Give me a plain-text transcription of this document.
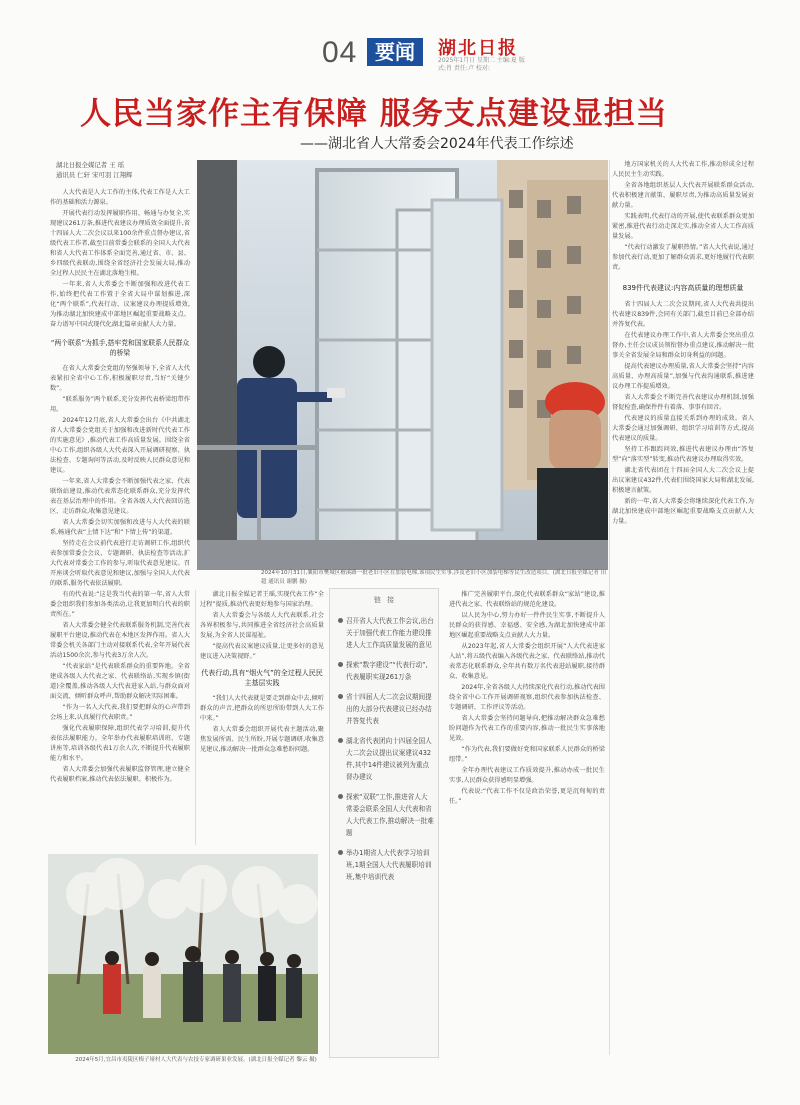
04 要闻	湖北日报
2025年1月日 星期二 主编:夏 版式:肖 责任:卢 校对:
人民当家作主有保障 服务支点建设显担当
——湖北省人大常委会2024年代表工作综述
湖北日报全媒记者 王 瑶
通讯员 仁轩 宋可羽 江翔辉

人大代表是人大工作的主体,代表工作是人大工作的基础和活力源泉。

开展代表行动发挥履职作用、畅通与办复全,实现建议261万条,推进代表建议办理质效全面提升,省十四届人大二次会议以来100余件重点督办建议,省级代表工作者,截至目前常委会联系的全国人大代表和省人大代表工作体系全面完善,通过省、市、县、乡四级代表联动,围绕全省经济社会发展大局,推动全过程人民民主在湖北落地生根。

一年来,省人大常委会不断加强和改进代表工作,始终把代表工作置于全省大局中谋划推进,深化“两个联系”,代表行动、议案建议办理提质增效,为推动湖北加快建成中部地区崛起重要战略支点、奋力谱写中国式现代化湖北篇章贡献人大力量。

“两个联系”为抓手,搭牢党和国家联系人民群众的桥梁

在省人大常委会党组的坚强领导下,全省人大代表紧扣全省中心工作,积极履职尽责,当好“关键少数”。

“联系服务”两个联系,充分发挥代表桥梁纽带作用。

2024年12月底,省人大常委会出台《中共湖北省人大常委会党组关于加强和改进新时代代表工作的实施意见》,推动代表工作高质量发展。围绕全省中心工作,组织各级人大代表深入开展调研视察、执法检查、专题询问等活动,及时反映人民群众意见和建议。

一年来,省人大常委会不断加强代表之家、代表联络站建设,推动代表常态化联系群众,充分发挥代表在基层治理中的作用。全省各级人大代表回访选区、走访群众,收集意见建议。

省人大常委会切实加强和改进与人大代表的联系,畅通代表“上情下达”和“下情上传”的渠道。

坚持走在会议前代表进行走访调研工作,组织代表参加常委会会议、专题调研、执法检查等活动,扩大代表对常委会工作的参与,听取代表意见建议。召开座谈会听取代表意见和建议,加强与全国人大代表的联系,服务代表依法履职。

2024年10月31日,襄阳市樊城区檀溪路一批老旧小区在加装电梯,该项民生实事,涉及老旧小区加装电梯等民生改造项目。(湖北日报全媒记者 田超 通讯员 谢鹏 摄)

地方国家机关的人大代表工作,推动形成全过程人民民主生动实践。

全省各地组织基层人大代表开展联系群众活动,代表积极建言献策、履职尽责,为推动高质量发展贡献力量。

实践表明,代表行动的开展,使代表联系群众更加紧密,推进代表行动走深走实,推动全省人大工作高质量发展。

“代表行动激发了履职热情。”省人大代表说,通过参加代表行动,更加了解群众需求,更好地履行代表职责。

839件代表建议:内容高质量的理想质量

省十四届人大二次会议期间,省人大代表共提出代表建议839件,会同有关部门,截至目前已全部办结并答复代表。

在代表建议办理工作中,省人大常委会突出重点督办,主任会议成员领衔督办重点建议,推动解决一批事关全省发展全局和群众切身利益的问题。

提高代表建议办理质量,省人大常委会坚持“内容高质量、办理高质量”,加强与代表沟通联系,推进建议办理工作提质增效。

省人大常委会不断完善代表建议办理机制,加强督促检查,确保件件有着落、事事有回音。

代表建议的质量直接关系到办理的成效。省人大常委会通过加强调研、组织学习培训等方式,提高代表建议的质量。

坚持工作跟踪问效,推进代表建议办理由“答复型”向“落实型”转变,推动代表建议办理取得实效。

湖北省代表团在十四届全国人大二次会议上提出议案建议432件,代表们围绕国家大局和湖北发展,积极建言献策。

新的一年,省人大常委会将继续深化代表工作,为湖北加快建成中部地区崛起重要战略支点贡献人大力量。

有的代表说:“这是我当代表的第一年,省人大常委会组织我们参加各类活动,让我更加明白代表的职责所在。”

省人大常委会健全代表联系服务机制,完善代表履职平台建设,推动代表在本地区发挥作用。省人大常委会机关各部门主动对接联系代表,全年开展代表活动1500余次,参与代表3万余人次。

“代表家站”是代表联系群众的重要阵地。全省建成各级人大代表之家、代表联络站,实现乡镇(街道)全覆盖,推动各级人大代表进家入站,与群众面对面交流、倾听群众呼声,帮助群众解决实际困难。

“作为一名人大代表,我们要把群众的心声带到会场上来,认真履行代表职责。”

强化代表履职保障,组织代表学习培训,提升代表依法履职能力。全年举办代表履职培训班、专题讲座等,培训各级代表1万余人次,不断提升代表履职能力和水平。

省人大常委会加强代表履职监督管理,建立健全代表履职档案,推动代表依法履职、积极作为。

湖北日报全媒记者王瑶,实现代表工作“全过程”提质,推动代表更好地参与国家治理。

省人大常委会与各级人大代表联系,社会各界积极参与,共同推进全省经济社会高质量发展,为全省人民谋福祉。

“提高代表议案建议质量,让更多好的意见建议进入决策视野。”

代表行动,具有“烟火气”的全过程人民民主基层实践

“我们人大代表就是要走到群众中去,倾听群众的声音,把群众的所思所盼带到人大工作中来。”

省人大常委会组织开展代表主题活动,聚焦发展所需、民生所盼,开展专题调研,收集意见建议,推动解决一批群众急难愁盼问题。

链 接
召开省人大代表工作会议,出台关于加强代表工作能力建设推进人大工作高质量发展的意见
探索“数字建设”“代表行动”,代表履职实现261万条
省十四届人大二次会议期间提出的大部分代表建议已经办结并答复代表
湖北省代表团向十四届全国人大二次会议提出议案建议432件,其中14件建议被列为重点督办建议
探索“双联”工作,推进省人大常委会联系全国人大代表和省人大代表工作,推动解决一批难题
举办1期省人大代表学习培训班,1期全国人大代表履职培训班,集中培训代表

推广完善履职平台,深化代表联系群众“家站”建设,推进代表之家、代表联络站的规范化建设。

以人民为中心,努力办好一件件民生实事,不断提升人民群众的获得感、幸福感、安全感,为湖北加快建成中部地区崛起重要战略支点贡献人大力量。

从2023年起,省人大常委会组织开展“人大代表进家入站”,将五级代表编入各级代表之家、代表联络站,推动代表常态化联系群众,全年共有数万名代表进站履职,接待群众、收集意见。

2024年,全省各级人大持续深化代表行动,推动代表围绕全省中心工作开展调研视察,组织代表参加执法检查、专题调研、工作评议等活动。

省人大常委会坚持问题导向,把推动解决群众急难愁盼问题作为代表工作的重要内容,推动一批民生实事落地见效。

“作为代表,我们要做好党和国家联系人民群众的桥梁纽带。”

全年办理代表建议工作质效提升,推动办成一批民生实事,人民群众获得感明显增强。

代表说:“代表工作不仅是政治荣誉,更是沉甸甸的责任。”

2024年5月,宜昌市夷陵区梅子垭村人大代表与农技专家调研果业发展。(湖北日报全媒记者 黎云 摄)
